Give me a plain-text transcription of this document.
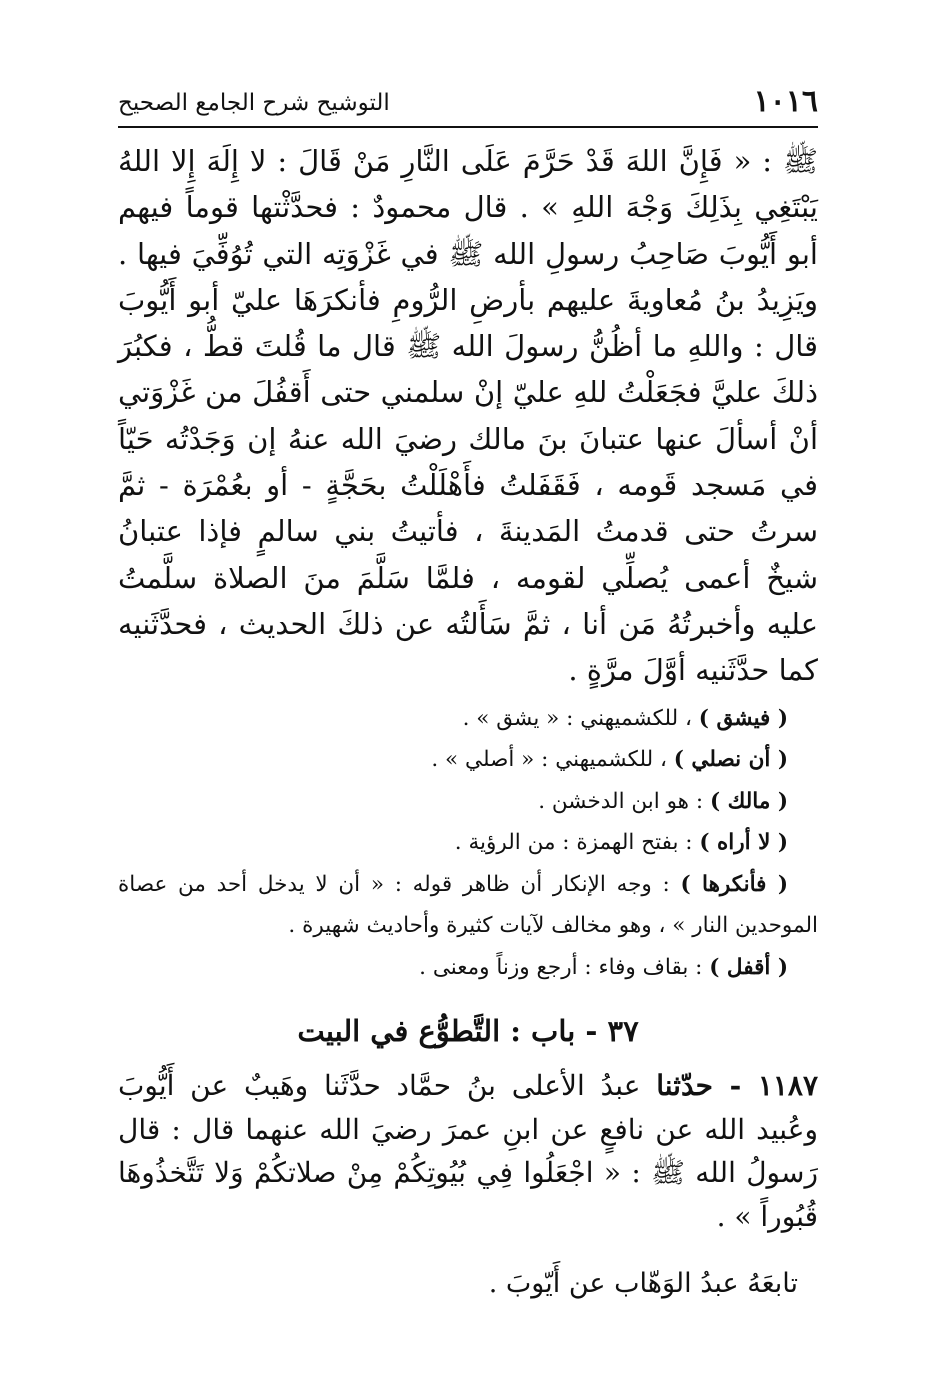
١٠١٦
التوشيح شرح الجامع الصحيح

ﷺ : « فَإِنَّ اللهَ قَدْ حَرَّمَ عَلَى النَّارِ مَنْ قَالَ : لا إِلَهَ إِلا اللهُ يَبْتَغِي بِذَلِكَ وَجْهَ اللهِ » . قال محمودٌ : فحدَّثْتها قوماً فيهم أبو أَيُّوبَ صَاحِبُ رسولِ الله ﷺ في غَزْوَتِه التي تُوُفِّيَ فيها . ويَزِيدُ بنُ مُعاويةَ عليهم بأرضِ الرُّومِ فأنكرَهَا عليّ أبو أَيُّوبَ قال : واللهِ ما أظُنُّ رسولَ الله ﷺ قال ما قُلتَ قطُّ ، فكبُرَ ذلكَ عليَّ فجَعَلْتُ للهِ عليّ إنْ سلمني حتى أَقفُلَ من غَزْوَتي أنْ أسألَ عنها عتبانَ بنَ مالك رضيَ الله عنهُ إن وَجَدْتُه حَيّاً في مَسجد قَومه ، فَقَفَلتُ فأَهْلَلْتُ بحَجَّةٍ - أو بعُمْرَة - ثمَّ سرتُ حتى قدمتُ المَدينةَ ، فأتيتُ بني سالمٍ فإذا عتبانُ شيخٌ أعمى يُصلِّي لقومه ، فلمَّا سَلَّمَ منَ الصلاة سلَّمتُ عليه وأخبرتُهُ مَن أنا ، ثمَّ سَأَلتُه عن ذلكَ الحديث ، فحدَّثَنيه كما حدَّثَنيه أوَّلَ مرَّةٍ .

( فيشق ) ، للكشميهني : « يشق » .

( أن نصلي ) ، للكشميهني : « أصلي » .

( مالك ) : هو ابن الدخشن .

( لا أراه ) : بفتح الهمزة : من الرؤية .

( فأنكرها ) : وجه الإنكار أن ظاهر قوله : « أن لا يدخل أحد من عصاة الموحدين النار » ، وهو مخالف لآيات كثيرة وأحاديث شهيرة .

( أقفل ) : بقاف وفاء : أرجع وزناً ومعنى .

٣٧ - باب : التَّطوُّع في البيت

١١٨٧ - حدّثنا عبدُ الأعلى بنُ حمَّاد حدَّثَنا وهَيبٌ عن أَيُّوبَ وعُبيد الله عن نافعٍ عن ابنِ عمرَ رضيَ الله عنهما قال : قال رَسولُ الله ﷺ : « اجْعَلُوا فِي بُيُوتِكُمْ مِنْ صلاتكُمْ وَلا تَتَّخذُوهَا قُبُوراً » .

تابعَهُ عبدُ الوَهّاب عن أَيّوبَ .
